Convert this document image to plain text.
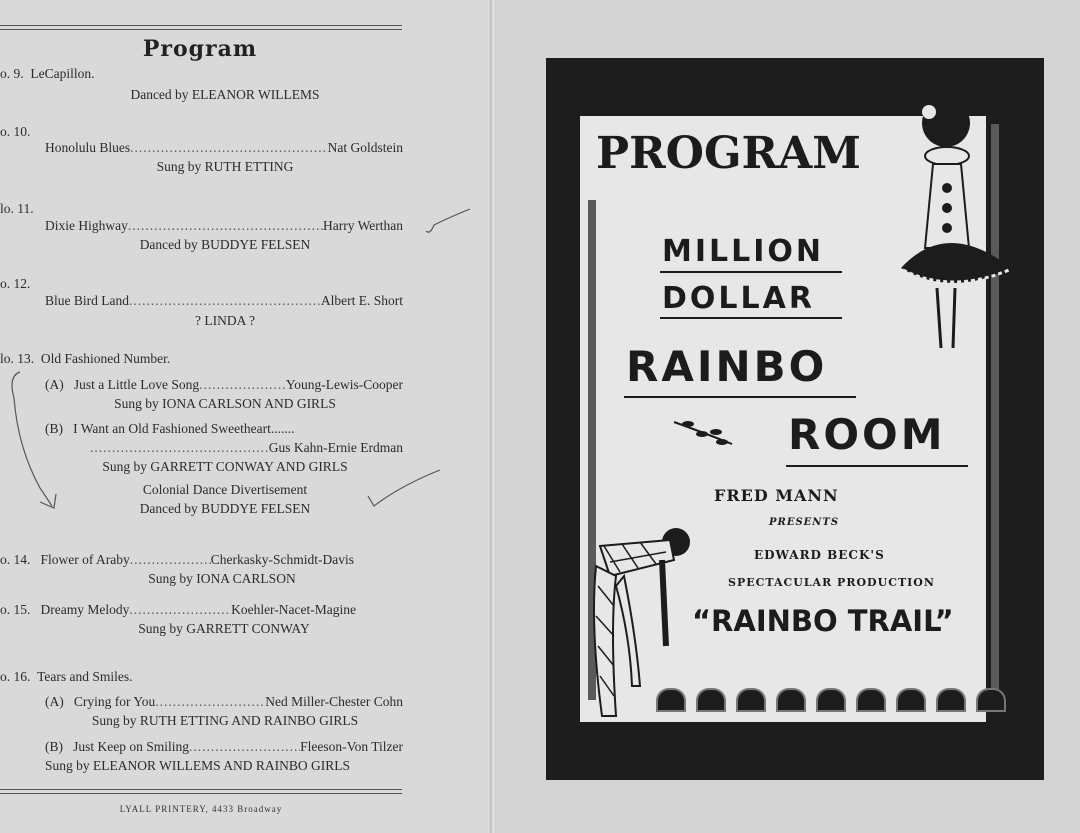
Program
o. 9. LeCapillon.
Danced by ELEANOR WILLEMS
o. 10.
Honolulu Blues .....	Nat Goldstein
Sung by RUTH ETTING
lo. 11.
Dixie Highway .....	Harry Werthan
Danced by BUDDYE FELSEN
o. 12.
Blue Bird Land .....	Albert E. Short
? LINDA ?
lo. 13. Old Fashioned Number.
(A)
Just a Little Love Song .....	Young-Lewis-Cooper
Sung by IONA CARLSON AND GIRLS
(B) I Want an Old Fashioned Sweetheart.......
.....
Gus Kahn-Ernie Erdman
Sung by GARRETT CONWAY AND GIRLS
Colonial Dance Divertisement
Danced by BUDDYE FELSEN
o. 14.
Flower of Araby .....	Cherkasky-Schmidt-Davis
Sung by IONA CARLSON
o. 15.
Dreamy Melody .....	Koehler-Nacet-Magine
Sung by GARRETT CONWAY
o. 16. Tears and Smiles.
(A)
Crying for You .....	Ned Miller-Chester Cohn
Sung by RUTH ETTING AND RAINBO GIRLS
(B)
Just Keep on Smiling .....	Fleeson-Von Tilzer
Sung by ELEANOR WILLEMS AND RAINBO GIRLS
LYALL PRINTERY, 4433 Broadway
PROGRAM
MILLION
DOLLAR
RAINBO
ROOM
FRED MANN
PRESENTS
EDWARD BECK'S
SPECTACULAR PRODUCTION
“RAINBO TRAIL”
